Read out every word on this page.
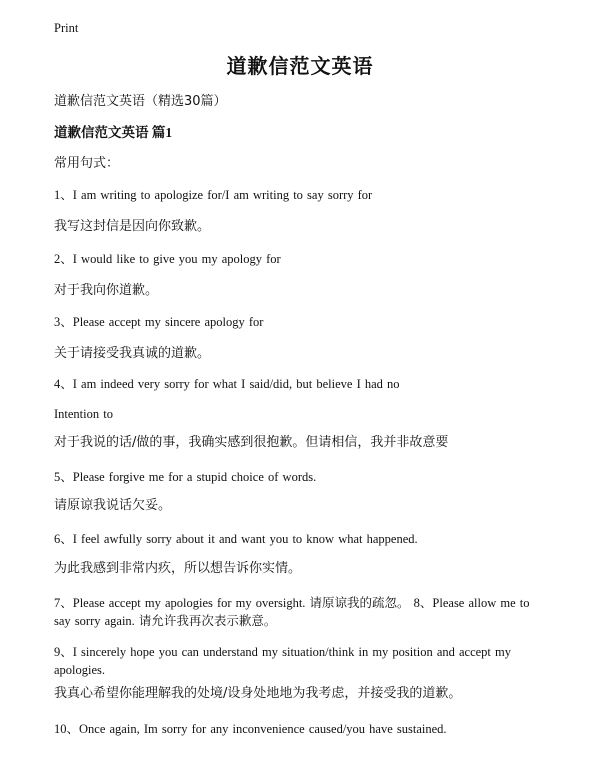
Print
道歉信范文英语
道歉信范文英语（精选30篇）
道歉信范文英语 篇1
常用句式：
1、I am writing to apologize for/I am writing to say sorry for
我写这封信是因向你致歉。
2、I would like to give you my apology for
对于我向你道歉。
3、Please accept my sincere apology for
关于请接受我真诚的道歉。
4、I am indeed very sorry for what I said/did, but believe I had no
Intention to
对于我说的话/做的事，我确实感到很抱歉。但请相信，我并非故意要
5、Please forgive me for a stupid choice of words.
请原谅我说话欠妥。
6、I feel awfully sorry about it and want you to know what happened.
为此我感到非常内疚，所以想告诉你实情。
7、Please accept my apologies for my oversight. 请原谅我的疏忽。 8、Please allow me to say sorry again. 请允许我再次表示歉意。
9、I sincerely hope you can understand my situation/think in my position and accept my apologies.
我真心希望你能理解我的处境/设身处地地为我考虑，并接受我的道歉。
10、Once again, Im sorry for any inconvenience caused/you have sustained.
